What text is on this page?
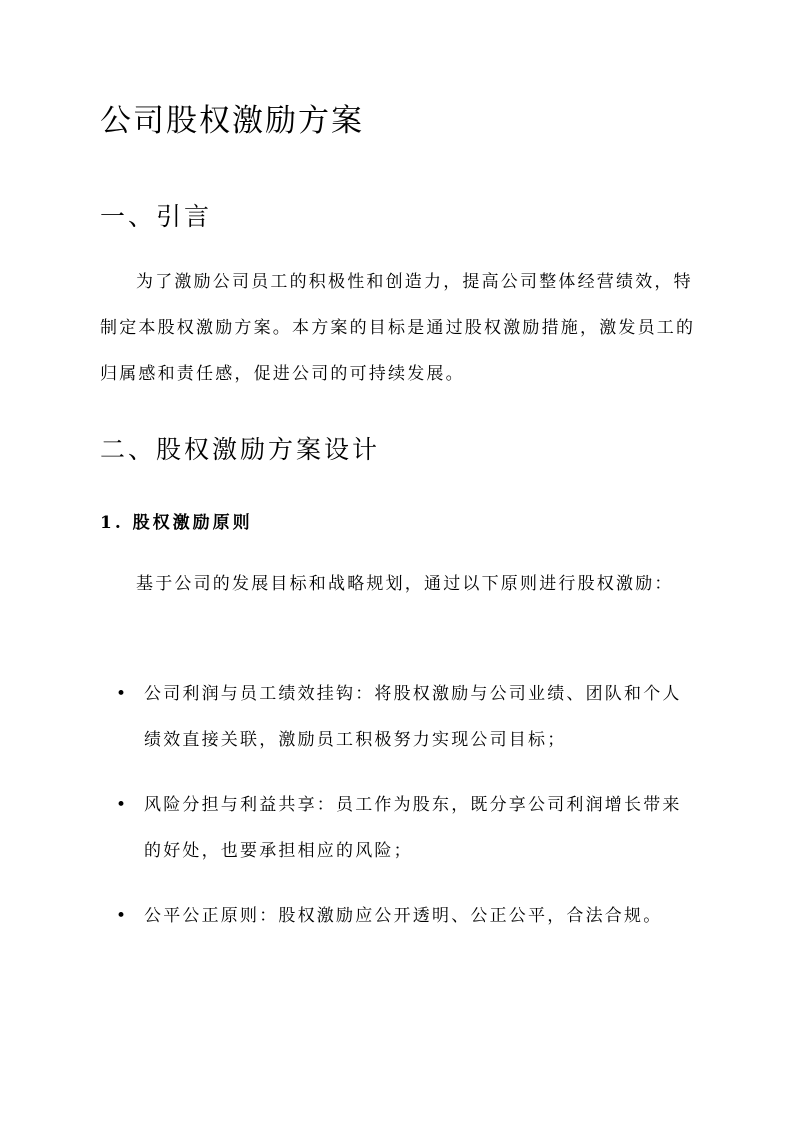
公司股权激励方案
一、引言

为了激励公司员工的积极性和创造力，提高公司整体经营绩效，特制定本股权激励方案。本方案的目标是通过股权激励措施，激发员工的归属感和责任感，促进公司的可持续发展。

二、股权激励方案设计
1. 股权激励原则

基于公司的发展目标和战略规划，通过以下原则进行股权激励：

• 公司利润与员工绩效挂钩：将股权激励与公司业绩、团队和个人绩效直接关联，激励员工积极努力实现公司目标；
• 风险分担与利益共享：员工作为股东，既分享公司利润增长带来的好处，也要承担相应的风险；
• 公平公正原则：股权激励应公开透明、公正公平，合法合规。
